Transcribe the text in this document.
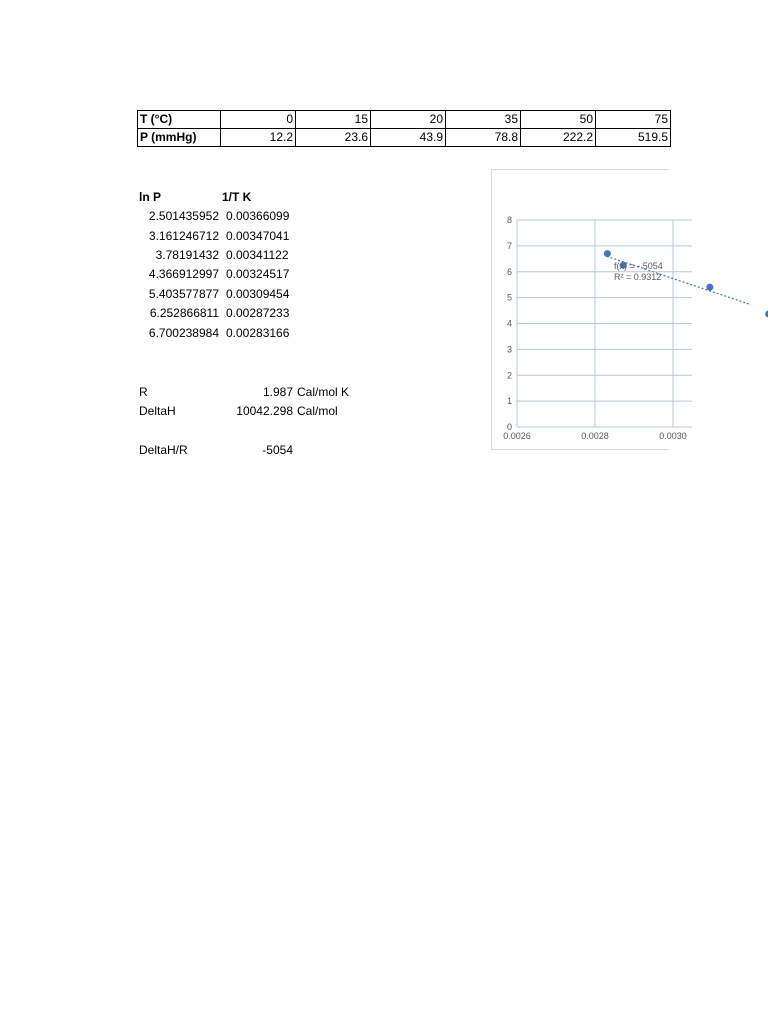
T (°C)	0	15	20	35	50	75
P (mmHg)	12.2	23.6	43.9	78.8	222.2	519.5
ln P	1/T K
2.501435952 0.00366099
3.161246712 0.00347041
3.78191432 0.00341122
4.366912997 0.00324517
5.403577877 0.00309454
6.252866811 0.00287233
6.700238984 0.00283166
R	1.987 Cal/mol K
DeltaH	10042.298 Cal/mol
DeltaH/R	-5054
8
7
6
5
4
3
2
1
0
0.0026	0.0028	0.0030
f(x) = - 5054
R² = 0.9312
